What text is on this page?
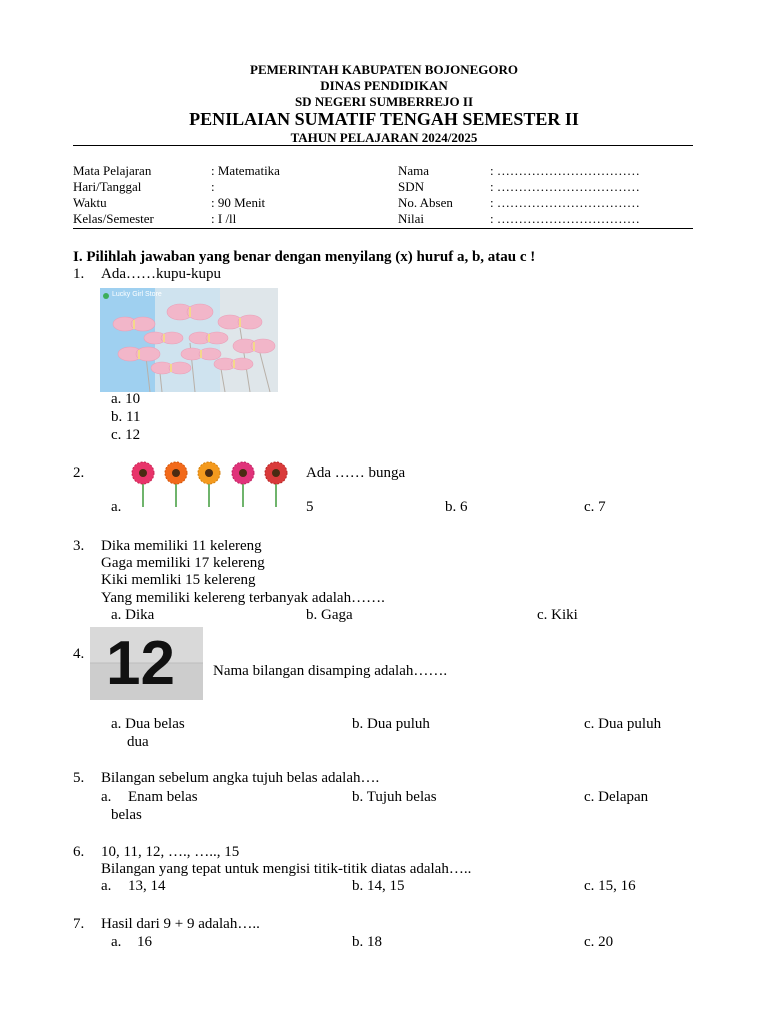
PEMERINTAH KABUPATEN BOJONEGORO
DINAS PENDIDIKAN
SD NEGERI SUMBERREJO II
PENILAIAN SUMATIF TENGAH SEMESTER II
TAHUN PELAJARAN 2024/2025
Mata Pelajaran	: Matematika	Nama	: ……………………………
Hari/Tanggal	:	SDN	: ……………………………
Waktu	: 90 Menit	No. Absen	: ……………………………
Kelas/Semester	: I /ll	Nilai	: ……………………………
I. Pilihlah jawaban yang benar dengan menyilang (x) huruf a, b, atau c !
1. Ada……kupu-kupu
Lucky Girl Store
a. 10
b. 11
c. 12
2.	Ada …… bunga
a.	5	b. 6	c. 7
3. Dika memiliki 11 kelereng
Gaga memiliki 17 kelereng
Kiki memliki 15 kelereng
Yang memiliki kelereng terbanyak adalah…….
a. Dika	b. Gaga	c. Kiki
4. 12	Nama bilangan disamping adalah…….
a. Dua belas	b. Dua puluh	c. Dua puluh
dua
5. Bilangan sebelum angka tujuh belas adalah….
a. Enam belas	b. Tujuh belas	c. Delapan
belas
6. 10, 11, 12, …., ….., 15
Bilangan yang tepat untuk mengisi titik-titik diatas adalah…..
a. 13, 14	b. 14, 15	c. 15, 16
7. Hasil dari 9 + 9 adalah…..
a. 16	b. 18	c. 20
